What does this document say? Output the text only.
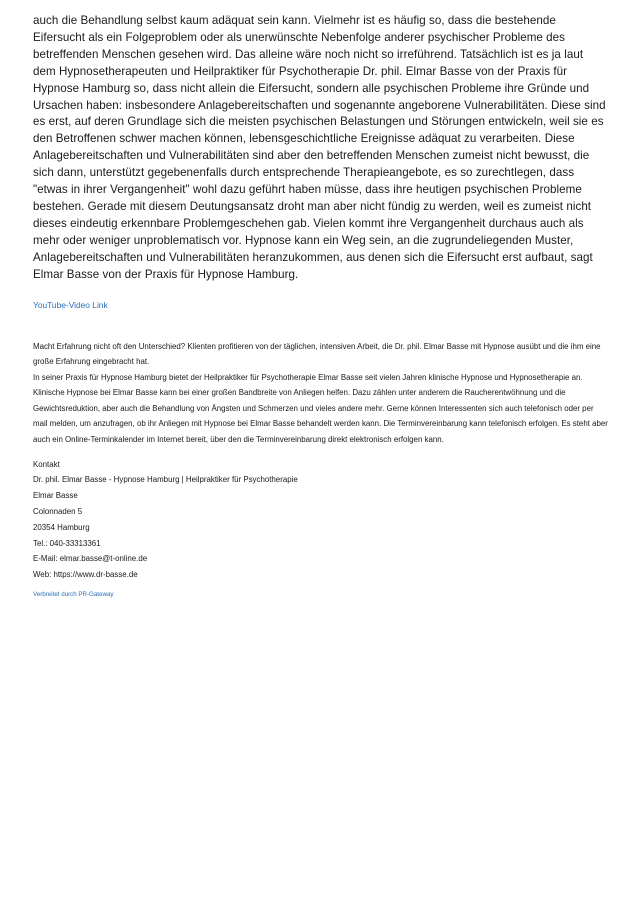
auch die Behandlung selbst kaum adäquat sein kann. Vielmehr ist es häufig so, dass die bestehende Eifersucht als ein Folgeproblem oder als unerwünschte Nebenfolge anderer psychischer Probleme des betreffenden Menschen gesehen wird. Das alleine wäre noch nicht so irreführend. Tatsächlich ist es ja laut dem Hypnosetherapeuten und Heilpraktiker für Psychotherapie Dr. phil. Elmar Basse von der Praxis für Hypnose Hamburg so, dass nicht allein die Eifersucht, sondern alle psychischen Probleme ihre Gründe und Ursachen haben: insbesondere Anlagebereitschaften und sogenannte angeborene Vulnerabilitäten. Diese sind es erst, auf deren Grundlage sich die meisten psychischen Belastungen und Störungen entwickeln, weil sie es den Betroffenen schwer machen können, lebensgeschichtliche Ereignisse adäquat zu verarbeiten. Diese Anlagebereitschaften und Vulnerabilitäten sind aber den betreffenden Menschen zumeist nicht bewusst, die sich dann, unterstützt gegebenenfalls durch entsprechende Therapieangebote, es so zurechtlegen, dass "etwas in ihrer Vergangenheit" wohl dazu geführt haben müsse, dass ihre heutigen psychischen Probleme bestehen. Gerade mit diesem Deutungsansatz droht man aber nicht fündig zu werden, weil es zumeist nicht dieses eindeutig erkennbare Problemgeschehen gab. Vielen kommt ihre Vergangenheit durchaus auch als mehr oder weniger unproblematisch vor. Hypnose kann ein Weg sein, an die zugrundeliegenden Muster, Anlagebereitschaften und Vulnerabilitäten heranzukommen, aus denen sich die Eifersucht erst aufbaut, sagt Elmar Basse von der Praxis für Hypnose Hamburg.

YouTube-Video Link

Macht Erfahrung nicht oft den Unterschied? Klienten profitieren von der täglichen, intensiven Arbeit, die Dr. phil. Elmar Basse mit Hypnose ausübt und die ihm eine große Erfahrung eingebracht hat.

In seiner Praxis für Hypnose Hamburg bietet der Heilpraktiker für Psychotherapie Elmar Basse seit vielen Jahren klinische Hypnose und Hypnosetherapie an. Klinische Hypnose bei Elmar Basse kann bei einer großen Bandbreite von Anliegen helfen. Dazu zählen unter anderem die Raucherentwöhnung und die Gewichtsreduktion, aber auch die Behandlung von Ängsten und Schmerzen und vieles andere mehr. Gerne können Interessenten sich auch telefonisch oder per mail melden, um anzufragen, ob ihr Anliegen mit Hypnose bei Elmar Basse behandelt werden kann. Die Terminvereinbarung kann telefonisch erfolgen. Es steht aber auch ein Online-Terminkalender im Internet bereit, über den die Terminvereinbarung direkt elektronisch erfolgen kann.

Kontakt
Dr. phil. Elmar Basse - Hypnose Hamburg | Heilpraktiker für Psychotherapie
Elmar Basse
Colonnaden 5
20354 Hamburg
Tel.: 040-33313361
E-Mail: elmar.basse@t-online.de
Web: https://www.dr-basse.de
Verbreitet durch PR-Gateway
